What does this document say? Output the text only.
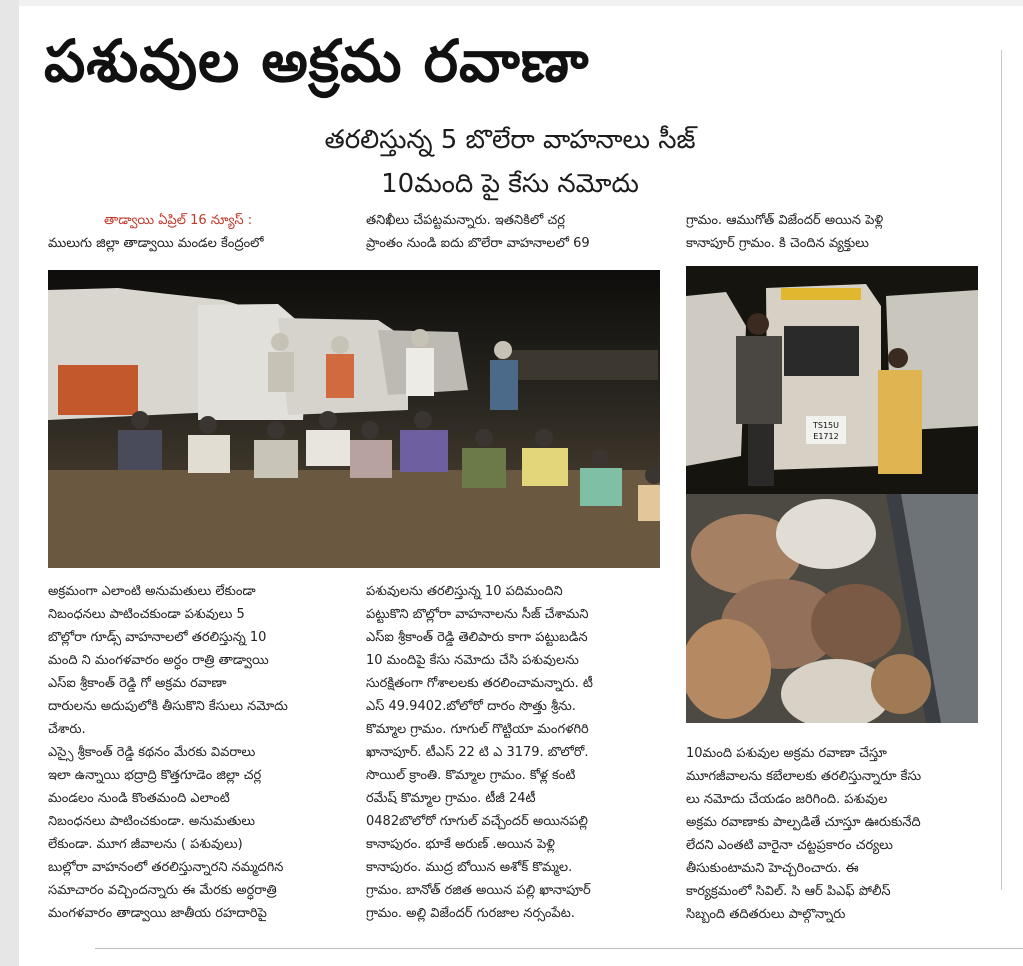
పశువుల అక్రమ రవాణా
తరలిస్తున్న 5 బొలేరా వాహనాలు సీజ్
10మంది పై కేసు నమోదు

తాడ్వాయి ఏప్రిల్ 16 న్యూస్ :

ములుగు జిల్లా తాడ్వాయి మండల కేంద్రంలో

తనిఖీలు చేపట్టమన్నారు. ఇతనికిలో చర్ల

ప్రాంతం నుండి ఐదు బొలేరా వాహనాలలో 69

గ్రామం. ఆముగోత్ విజేందర్ అయిన పెళ్లి

కానాపూర్ గ్రామం. కి చెందిన వ్యక్తులు

TS15U
E1712

అక్రమంగా ఎలాంటి అనుమతులు లేకుండా

నిబంధనలు పాటించకుండా పశువులు 5

బొల్లోరా గూడ్స్ వాహనాలలో తరలిస్తున్న 10

మంది ని మంగళవారం అర్ధం రాత్రి తాడ్వాయి

ఎస్ఐ శ్రీకాంత్ రెడ్డి గో అక్రమ రవాణా

దారులను అదుపులోకి తీసుకొని కేసులు నమోదు

చేశారు.

ఎస్సై శ్రీకాంత్ రెడ్డి కథనం మేరకు వివరాలు

ఇలా ఉన్నాయి భద్రాద్రి కొత్తగూడెం జిల్లా చర్ల

మండలం నుండి కొంతమంది ఎలాంటి

నిబంధనలు పాటించకుండా. అనుమతులు

లేకుండా. మూగ జీవాలను ( పశువులు)

బుల్లోరా వాహనంలో తరలిస్తున్నారని నమ్మదగిన

సమాచారం వచ్చిందన్నారు ఈ మేరకు అర్ధరాత్రి

మంగళవారం తాడ్వాయి జాతీయ రహదారిపై

పశువులను తరలిస్తున్న 10 పదిమందిని

పట్టుకొని బొల్లోరా వాహనాలను సీజ్ చేశామని

ఎస్ఐ శ్రీకాంత్ రెడ్డి తెలిపారు కాగా పట్టుబడిన

10 మందిపై కేసు నమోదు చేసి పశువులను

సురక్షితంగా గోశాలలకు తరలించామన్నారు. టీ

ఎస్ 49.9402.బోలోరో దారం సొత్తు శ్రీను.

కొమ్మాల గ్రామం. గూగుల్ గొట్టియా మంగళగిరి

ఖానాపూర్. టీఎస్ 22 టి ఎ 3179. బొలోరో.

సొయిల్ క్రాంతి. కొమ్మాల గ్రామం. కోళ్ల కంటి

రమేష్ కొమ్మాల గ్రామం. టీజీ 24టీ

0482బొలోరో గూగుల్ వచ్చేందర్ అయినపల్లి

కానాపురం. భూకే అరుణ్ .అయిన పెళ్లి

కానాపురం. ముద్ర బోయిన అశోక్ కొమ్మల.

గ్రామం. బానోత్ రజిత అయిన పల్లి ఖానాపూర్

గ్రామం. అల్లి విజేందర్ గురజాల నర్సంపేట.

10మంది పశువుల అక్రమ రవాణా చేస్తూ

మూగజీవాలను కబేలాలకు తరలిస్తున్నారూ కేసు

లు నమోదు చేయడం జరిగింది. పశువుల

అక్రమ రవాణాకు పాల్పడితే చూస్తూ ఊరుకునేది

లేదని ఎంతటి వారైనా చట్టప్రకారం చర్యలు

తీసుకుంటామని హెచ్చరించారు. ఈ

కార్యక్రమంలో సివిల్. సి ఆర్ పిఎఫ్ పోలీస్

సిబ్బంది తదితరులు పాల్గొన్నారు
